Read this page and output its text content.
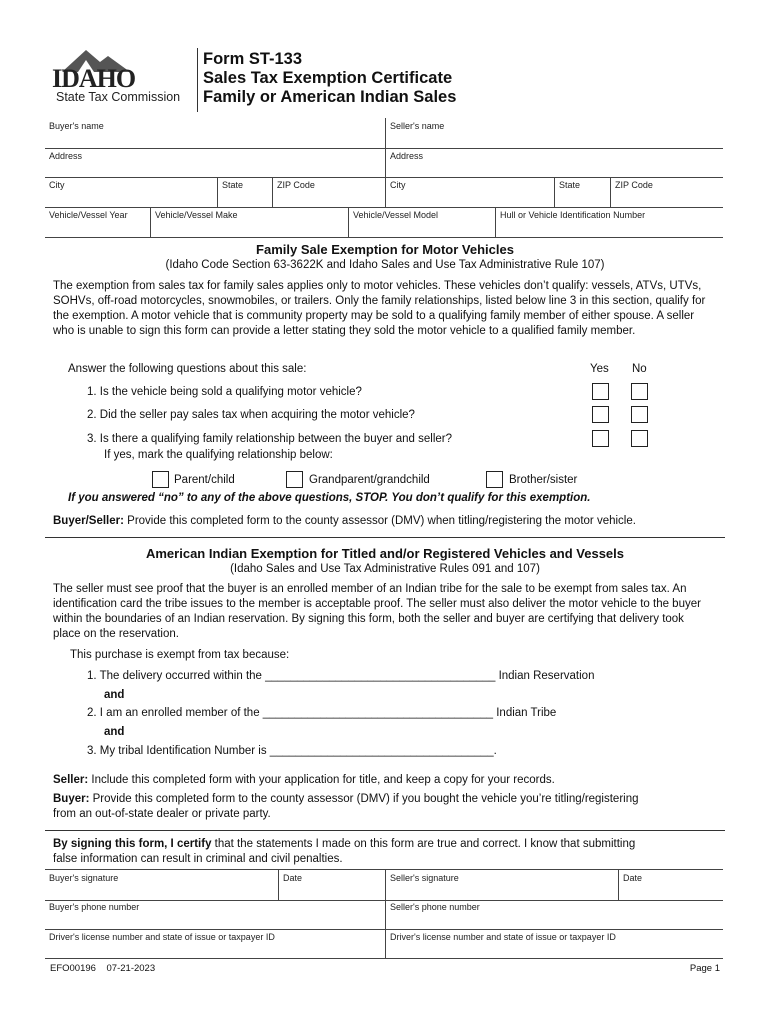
IDAHO
State Tax Commission
Form ST-133
Sales Tax Exemption Certificate
Family or American Indian Sales
Buyer's name	Seller's name
Address	Address
City	State	ZIP Code	City	State	ZIP Code
Vehicle/Vessel Year	Vehicle/Vessel Make	Vehicle/Vessel Model	Hull or Vehicle Identification Number
Family Sale Exemption for Motor Vehicles
(Idaho Code Section 63-3622K and Idaho Sales and Use Tax Administrative Rule 107)
The exemption from sales tax for family sales applies only to motor vehicles. These vehicles don’t qualify: vessels, ATVs, UTVs, SOHVs, off-road motorcycles, snowmobiles, or trailers. Only the family relationships, listed below line 3 in this section, qualify for the exemption. A motor vehicle that is community property may be sold to a qualifying family member of either spouse. A seller who is unable to sign this form can provide a letter stating they sold the motor vehicle to a qualified family member.
Answer the following questions about this sale:	Yes No
1. Is the vehicle being sold a qualifying motor vehicle?
2. Did the seller pay sales tax when acquiring the motor vehicle?
3. Is there a qualifying family relationship between the buyer and seller?
If yes, mark the qualifying relationship below:
Parent/child	Grandparent/grandchild	Brother/sister
If you answered “no” to any of the above questions, STOP. You don’t qualify for this exemption.
Buyer/Seller: Provide this completed form to the county assessor (DMV) when titling/registering the motor vehicle.
American Indian Exemption for Titled and/or Registered Vehicles and Vessels
(Idaho Sales and Use Tax Administrative Rules 091 and 107)
The seller must see proof that the buyer is an enrolled member of an Indian tribe for the sale to be exempt from sales tax. An identification card the tribe issues to the member is acceptable proof. The seller must also deliver the motor vehicle to the buyer within the boundaries of an Indian reservation. By signing this form, both the seller and buyer are certifying that delivery took place on the reservation.
This purchase is exempt from tax because:
1. The delivery occurred within the ____________________________________ Indian Reservation
and
2. I am an enrolled member of the ____________________________________ Indian Tribe
and
3. My tribal Identification Number is ___________________________________.
Seller: Include this completed form with your application for title, and keep a copy for your records.
Buyer: Provide this completed form to the county assessor (DMV) if you bought the vehicle you’re titling/registering
from an out-of-state dealer or private party.
By signing this form, I certify that the statements I made on this form are true and correct. I know that submitting
false information can result in criminal and civil penalties.
Buyer's signature	Date	Seller's signature	Date
Buyer's phone number	Seller's phone number
Driver's license number and state of issue or taxpayer ID	Driver's license number and state of issue or taxpayer ID
EFO00196 07-21-2023	Page 1
